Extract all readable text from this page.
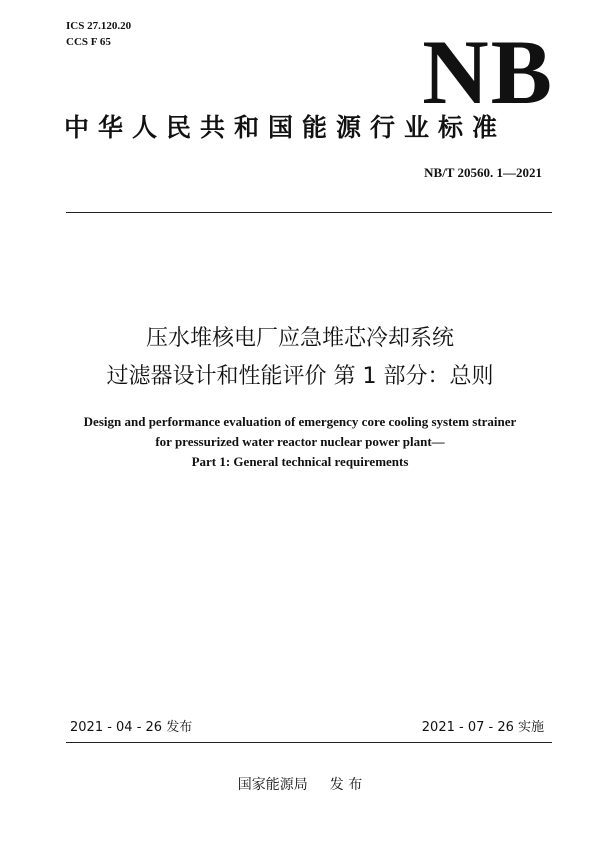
ICS 27.120.20
CCS F 65	NB
中华人民共和国能源行业标准
NB/T 20560. 1—2021
压水堆核电厂应急堆芯冷却系统
过滤器设计和性能评价 第 1 部分：总则
Design and performance evaluation of emergency core cooling system strainer
for pressurized water reactor nuclear power plant—
Part 1: General technical requirements
2021 - 04 - 26 发布	2021 - 07 - 26 实施
国家能源局 发 布
